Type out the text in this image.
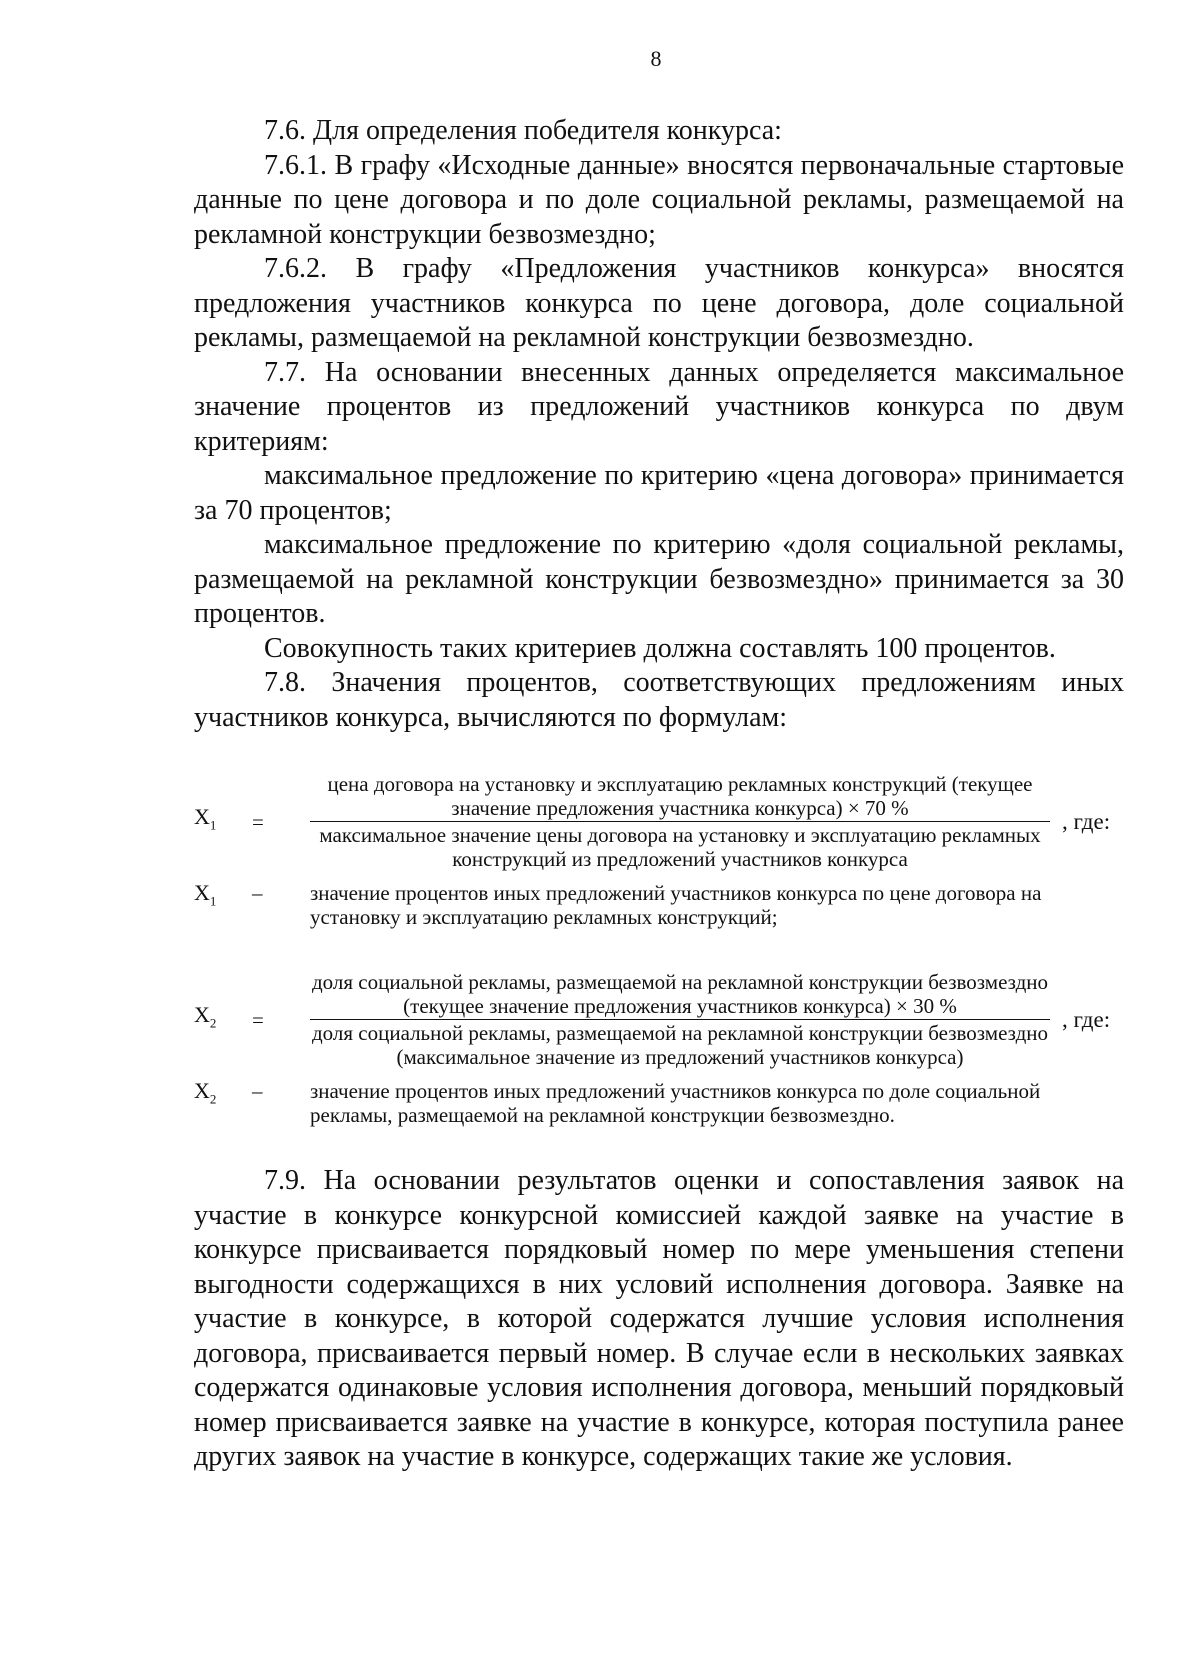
8

7.6. Для определения победителя конкурса:

7.6.1. В графу «Исходные данные» вносятся первоначальные стартовые данные по цене договора и по доле социальной рекламы, размещаемой на рекламной конструкции безвозмездно;

7.6.2. В графу «Предложения участников конкурса» вносятся предложения участников конкурса по цене договора, доле социальной рекламы, размещаемой на рекламной конструкции безвозмездно.

7.7. На основании внесенных данных определяется максимальное значение процентов из предложений участников конкурса по двум критериям:

максимальное предложение по критерию «цена договора» принимается за 70 процентов;

максимальное предложение по критерию «доля социальной рекламы, размещаемой на рекламной конструкции безвозмездно» принимается за 30 процентов.

Совокупность таких критериев должна составлять 100 процентов.

7.8. Значения процентов, соответствующих предложениям иных участников конкурса, вычисляются по формулам:

$X_1$	=
цена договора на установку и эксплуатацию рекламных конструкций (текущее значение предложения участника конкурса) × 70 %
максимальное значение цены договора на установку и эксплуатацию рекламных конструкций из предложений участников конкурса
, где:
$X_1$	–	значение процентов иных предложений участников конкурса по цене договора на установку и эксплуатацию рекламных конструкций;
$X_2$	=
доля социальной рекламы, размещаемой на рекламной конструкции безвозмездно (текущее значение предложения участников конкурса) × 30 %
доля социальной рекламы, размещаемой на рекламной конструкции безвозмездно (максимальное значение из предложений участников конкурса)
, где:
$X_2$	–	значение процентов иных предложений участников конкурса по доле социальной рекламы, размещаемой на рекламной конструкции безвозмездно.

7.9. На основании результатов оценки и сопоставления заявок на участие в конкурсе конкурсной комиссией каждой заявке на участие в конкурсе присваивается порядковый номер по мере уменьшения степени выгодности содержащихся в них условий исполнения договора. Заявке на участие в конкурсе, в которой содержатся лучшие условия исполнения договора, присваивается первый номер. В случае если в нескольких заявках содержатся одинаковые условия исполнения договора, меньший порядковый номер присваивается заявке на участие в конкурсе, которая поступила ранее других заявок на участие в конкурсе, содержащих такие же условия.
